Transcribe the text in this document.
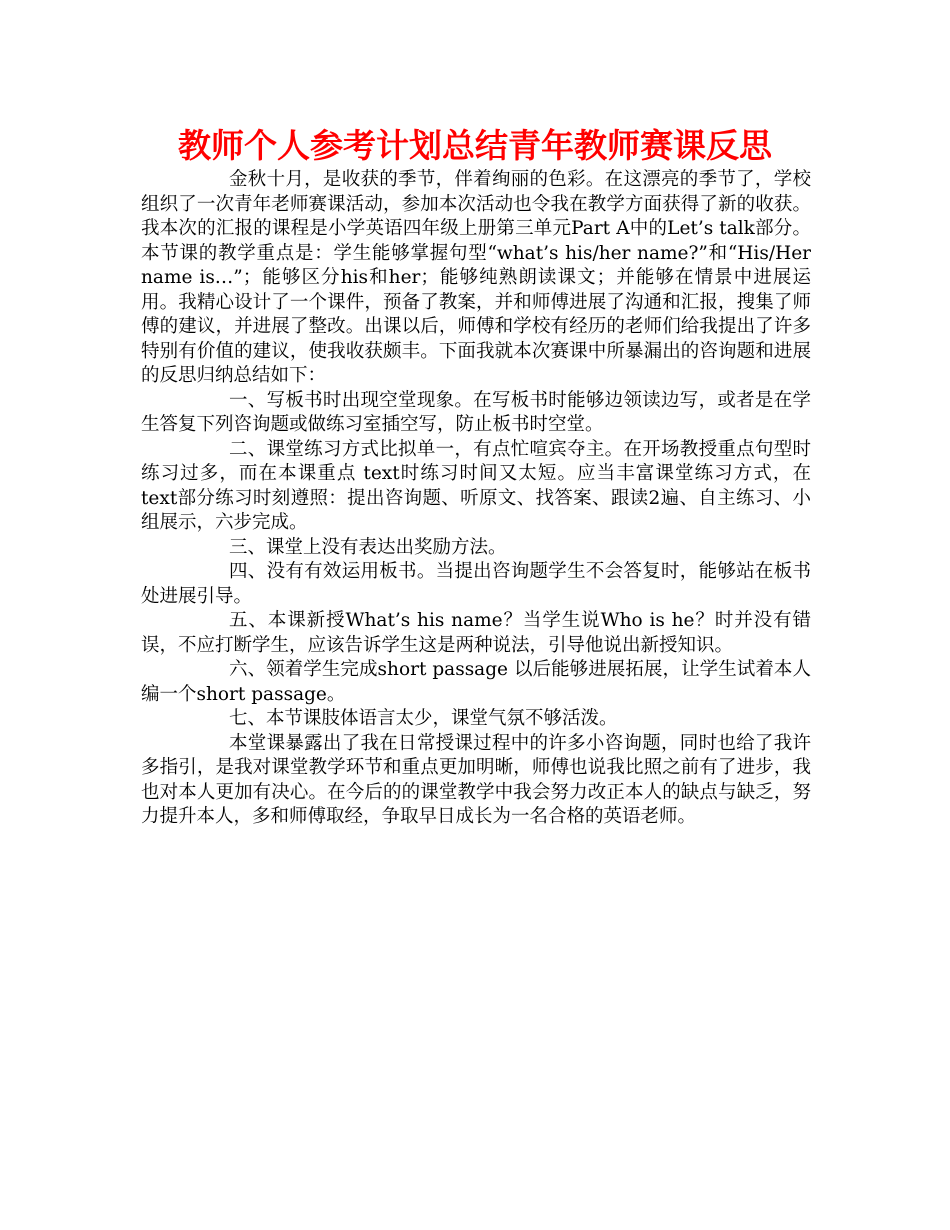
教师个人参考计划总结青年教师赛课反思

金秋十月，是收获的季节，伴着绚丽的色彩。在这漂亮的季节了，学校组织了一次青年老师赛课活动，参加本次活动也令我在教学方面获得了新的收获。我本次的汇报的课程是小学英语四年级上册第三单元Part A中的Let’s talk部分。本节课的教学重点是：学生能够掌握句型“what’s his/her name?”和“His/Her name is…”；能够区分his和her；能够纯熟朗读课文；并能够在情景中进展运用。我精心设计了一个课件，预备了教案，并和师傅进展了沟通和汇报，搜集了师傅的建议，并进展了整改。出课以后，师傅和学校有经历的老师们给我提出了许多特别有价值的建议，使我收获颇丰。下面我就本次赛课中所暴漏出的咨询题和进展的反思归纳总结如下：

一、写板书时出现空堂现象。在写板书时能够边领读边写，或者是在学生答复下列咨询题或做练习室插空写，防止板书时空堂。

二、课堂练习方式比拟单一，有点忙喧宾夺主。在开场教授重点句型时练习过多，而在本课重点 text时练习时间又太短。应当丰富课堂练习方式，在text部分练习时刻遵照：提出咨询题、听原文、找答案、跟读2遍、自主练习、小组展示，六步完成。

三、课堂上没有表达出奖励方法。

四、没有有效运用板书。当提出咨询题学生不会答复时，能够站在板书处进展引导。

五、本课新授What’s his name？当学生说Who is he？时并没有错误，不应打断学生，应该告诉学生这是两种说法，引导他说出新授知识。

六、领着学生完成short passage 以后能够进展拓展，让学生试着本人编一个short passage。

七、本节课肢体语言太少，课堂气氛不够活泼。

本堂课暴露出了我在日常授课过程中的许多小咨询题，同时也给了我许多指引，是我对课堂教学环节和重点更加明晰，师傅也说我比照之前有了进步，我也对本人更加有决心。在今后的的课堂教学中我会努力改正本人的缺点与缺乏，努力提升本人，多和师傅取经，争取早日成长为一名合格的英语老师。
